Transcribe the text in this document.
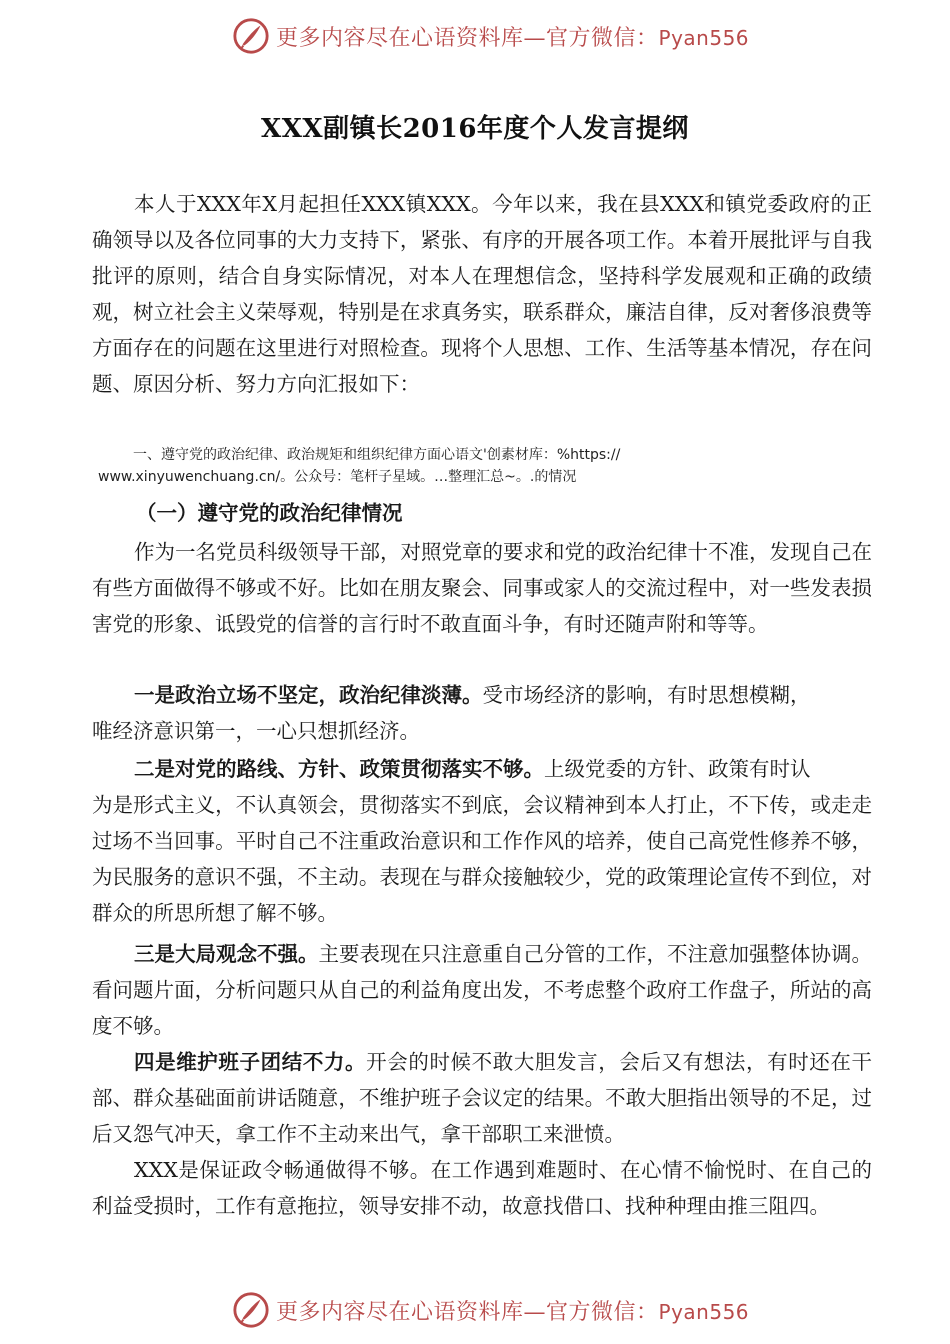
更多内容尽在心语资料库—官方微信：Pyan556
XXX副镇长2016年度个人发言提纲

本人于XXX年X月起担任XXX镇XXX。今年以来，我在县XXX和镇党委政府的正确领导以及各位同事的大力支持下，紧张、有序的开展各项工作。本着开展批评与自我批评的原则，结合自身实际情况，对本人在理想信念，坚持科学发展观和正确的政绩观，树立社会主义荣辱观，特别是在求真务实，联系群众，廉洁自律，反对奢侈浪费等方面存在的问题在这里进行对照检查。现将个人思想、工作、生活等基本情况，存在问题、原因分析、努力方向汇报如下：

一、遵守党的政治纪律、政治规矩和组织纪律方面心语文'创素材库：%https://
www.xinyuwenchuang.cn/。公众号：笔杆子星域。…整理汇总~。.的情况

（一）遵守党的政治纪律情况

作为一名党员科级领导干部，对照党章的要求和党的政治纪律十不准，发现自己在有些方面做得不够或不好。比如在朋友聚会、同事或家人的交流过程中，对一些发表损害党的形象、诋毁党的信誉的言行时不敢直面斗争，有时还随声附和等等。

一是政治立场不坚定，政治纪律淡薄。受市场经济的影响，有时思想模糊，
唯经济意识第一，一心只想抓经济。

二是对党的路线、方针、政策贯彻落实不够。上级党委的方针、政策有时认
为是形式主义，不认真领会，贯彻落实不到底，会议精神到本人打止，不下传，或走走过场不当回事。平时自己不注重政治意识和工作作风的培养，使自己高党性修养不够，为民服务的意识不强，不主动。表现在与群众接触较少，党的政策理论宣传不到位，对群众的所思所想了解不够。

三是大局观念不强。主要表现在只注意重自己分管的工作，不注意加强整体协调。看问题片面，分析问题只从自己的利益角度出发，不考虑整个政府工作盘子，所站的高度不够。

四是维护班子团结不力。开会的时候不敢大胆发言，会后又有想法，有时还在干部、群众基础面前讲话随意，不维护班子会议定的结果。不敢大胆指出领导的不足，过后又怨气冲天，拿工作不主动来出气，拿干部职工来泄愤。

XXX是保证政令畅通做得不够。在工作遇到难题时、在心情不愉悦时、在自己的利益受损时，工作有意拖拉，领导安排不动，故意找借口、找种种理由推三阻四。

更多内容尽在心语资料库—官方微信：Pyan556
